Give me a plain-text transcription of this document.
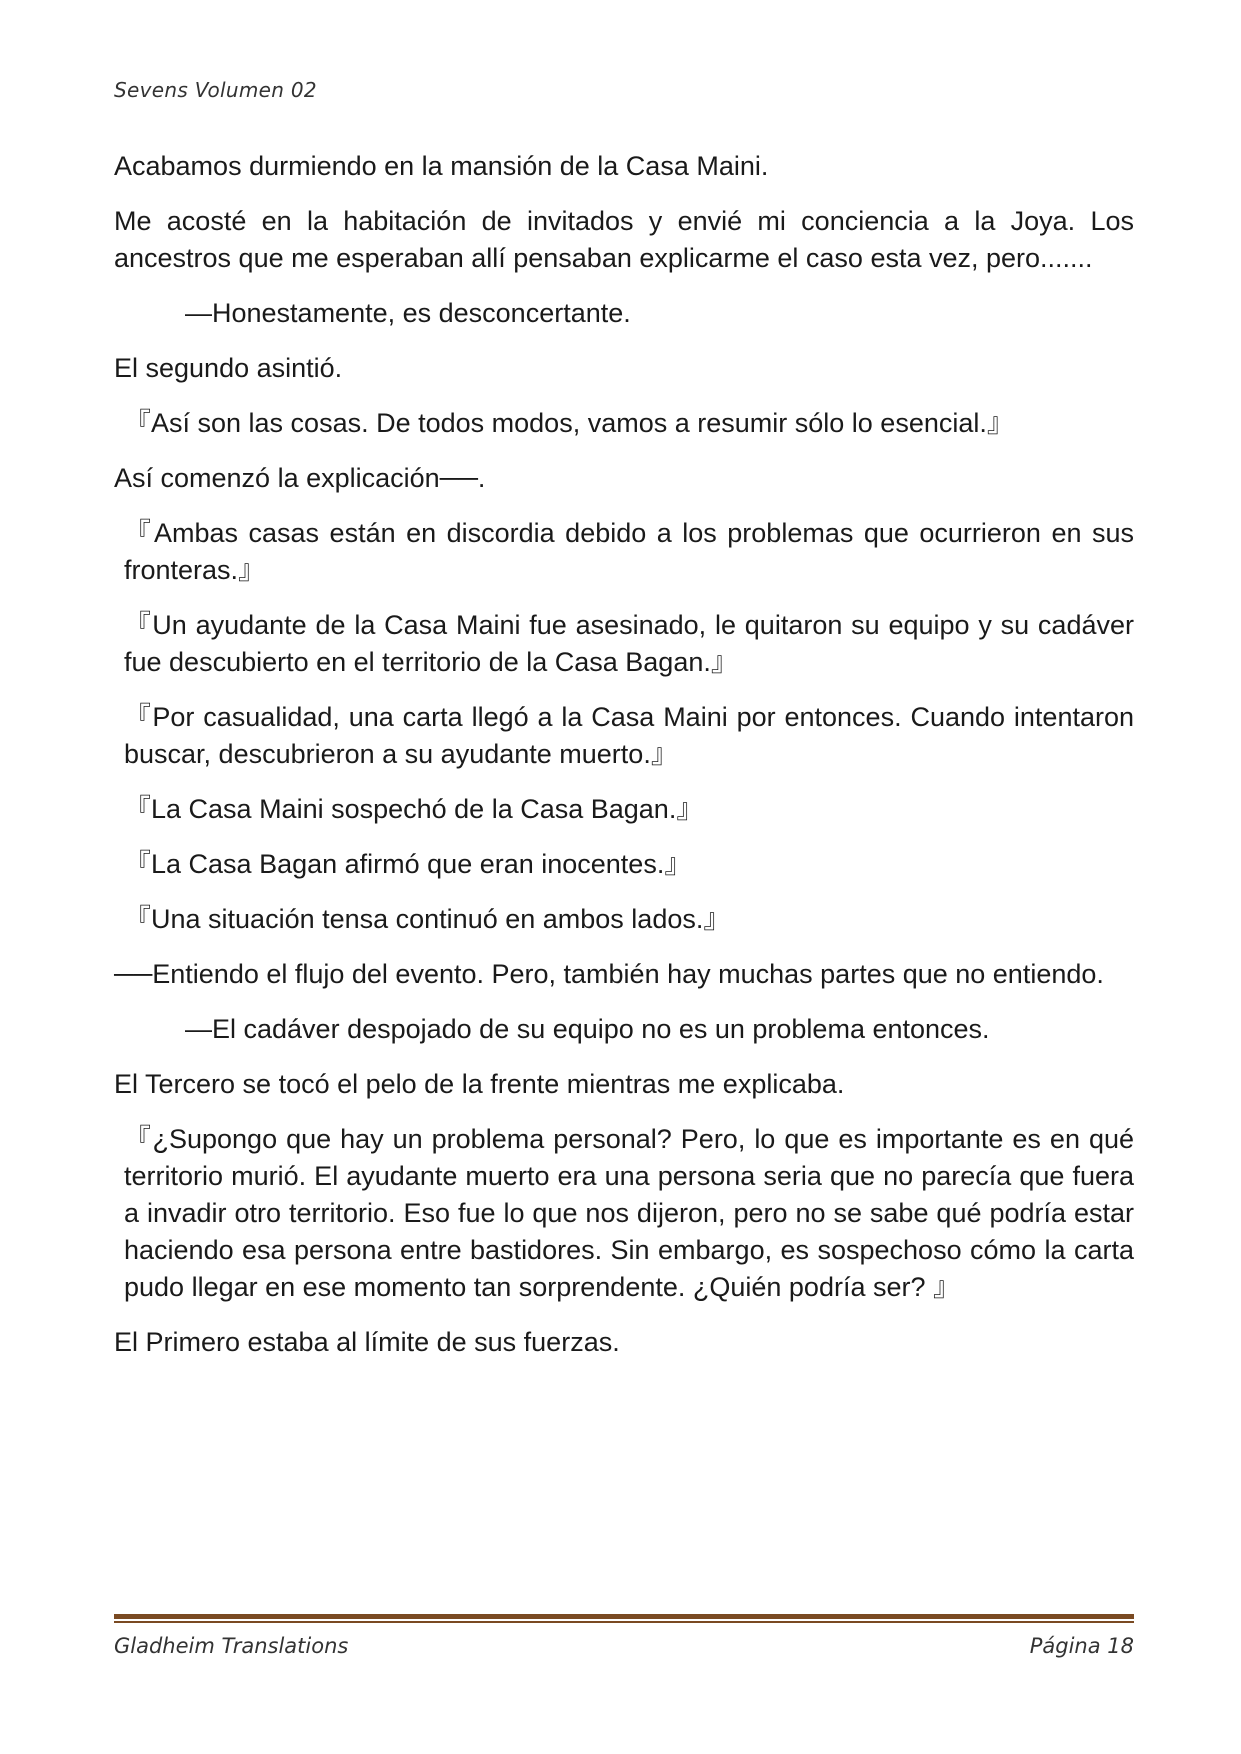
Sevens Volumen 02

Acabamos durmiendo en la mansión de la Casa Maini.

Me acosté en la habitación de invitados y envié mi conciencia a la Joya. Los ancestros que me esperaban allí pensaban explicarme el caso esta vez, pero.......

—Honestamente, es desconcertante.

El segundo asintió.

『Así son las cosas. De todos modos, vamos a resumir sólo lo esencial.』

Así comenzó la explicación──.

『Ambas casas están en discordia debido a los problemas que ocurrieron en sus fronteras.』

『Un ayudante de la Casa Maini fue asesinado, le quitaron su equipo y su cadáver fue descubierto en el territorio de la Casa Bagan.』

『Por casualidad, una carta llegó a la Casa Maini por entonces. Cuando intentaron buscar, descubrieron a su ayudante muerto.』

『La Casa Maini sospechó de la Casa Bagan.』

『La Casa Bagan afirmó que eran inocentes.』

『Una situación tensa continuó en ambos lados.』

──Entiendo el flujo del evento. Pero, también hay muchas partes que no entiendo.

—El cadáver despojado de su equipo no es un problema entonces.

El Tercero se tocó el pelo de la frente mientras me explicaba.

『¿Supongo que hay un problema personal? Pero, lo que es importante es en qué territorio murió. El ayudante muerto era una persona seria que no parecía que fuera a invadir otro territorio. Eso fue lo que nos dijeron, pero no se sabe qué podría estar haciendo esa persona entre bastidores. Sin embargo, es sospechoso cómo la carta pudo llegar en ese momento tan sorprendente. ¿Quién podría ser? 』

El Primero estaba al límite de sus fuerzas.

Gladheim Translations	Página 18
